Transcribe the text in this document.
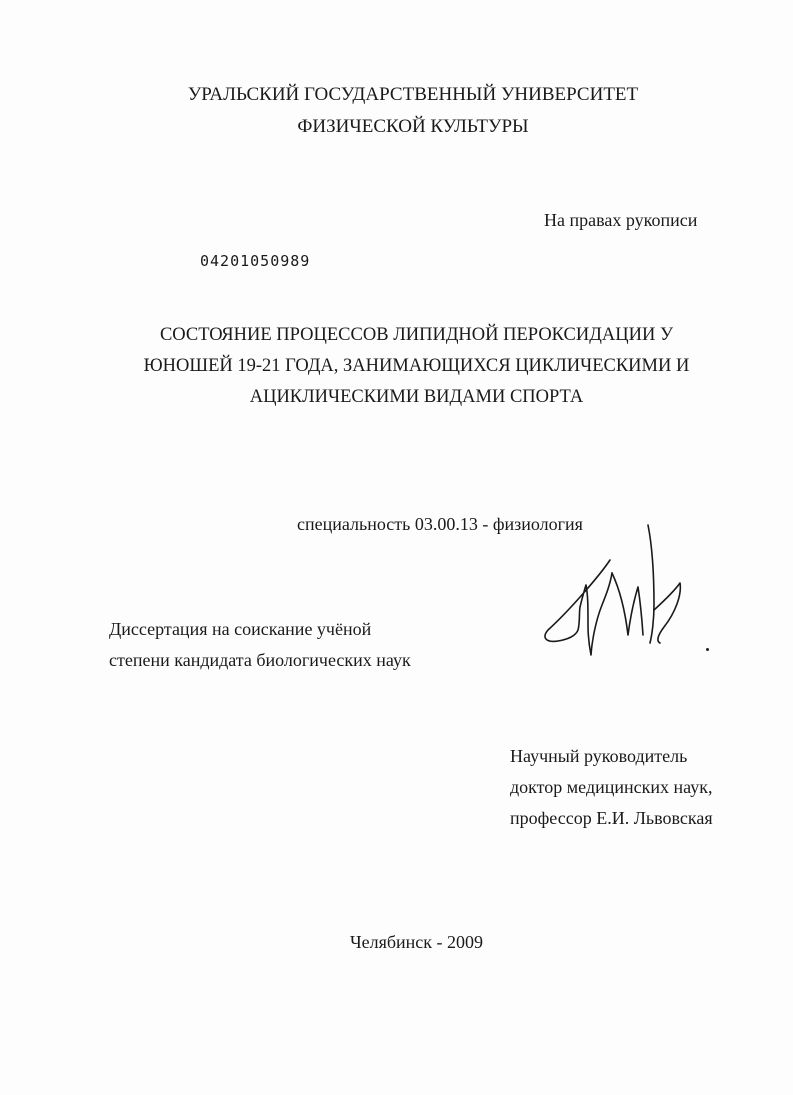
УРАЛЬСКИЙ ГОСУДАРСТВЕННЫЙ УНИВЕРСИТЕТ
ФИЗИЧЕСКОЙ КУЛЬТУРЫ
На правах рукописи
04201050989
СОСТОЯНИЕ ПРОЦЕССОВ ЛИПИДНОЙ ПЕРОКСИДАЦИИ У
ЮНОШЕЙ 19-21 ГОДА, ЗАНИМАЮЩИХСЯ ЦИКЛИЧЕСКИМИ И
АЦИКЛИЧЕСКИМИ ВИДАМИ СПОРТА
специальность 03.00.13 - физиология
Диссертация на соискание учёной
степени кандидата биологических наук
Научный руководитель
доктор медицинских наук,
профессор Е.И. Львовская
Челябинск - 2009
